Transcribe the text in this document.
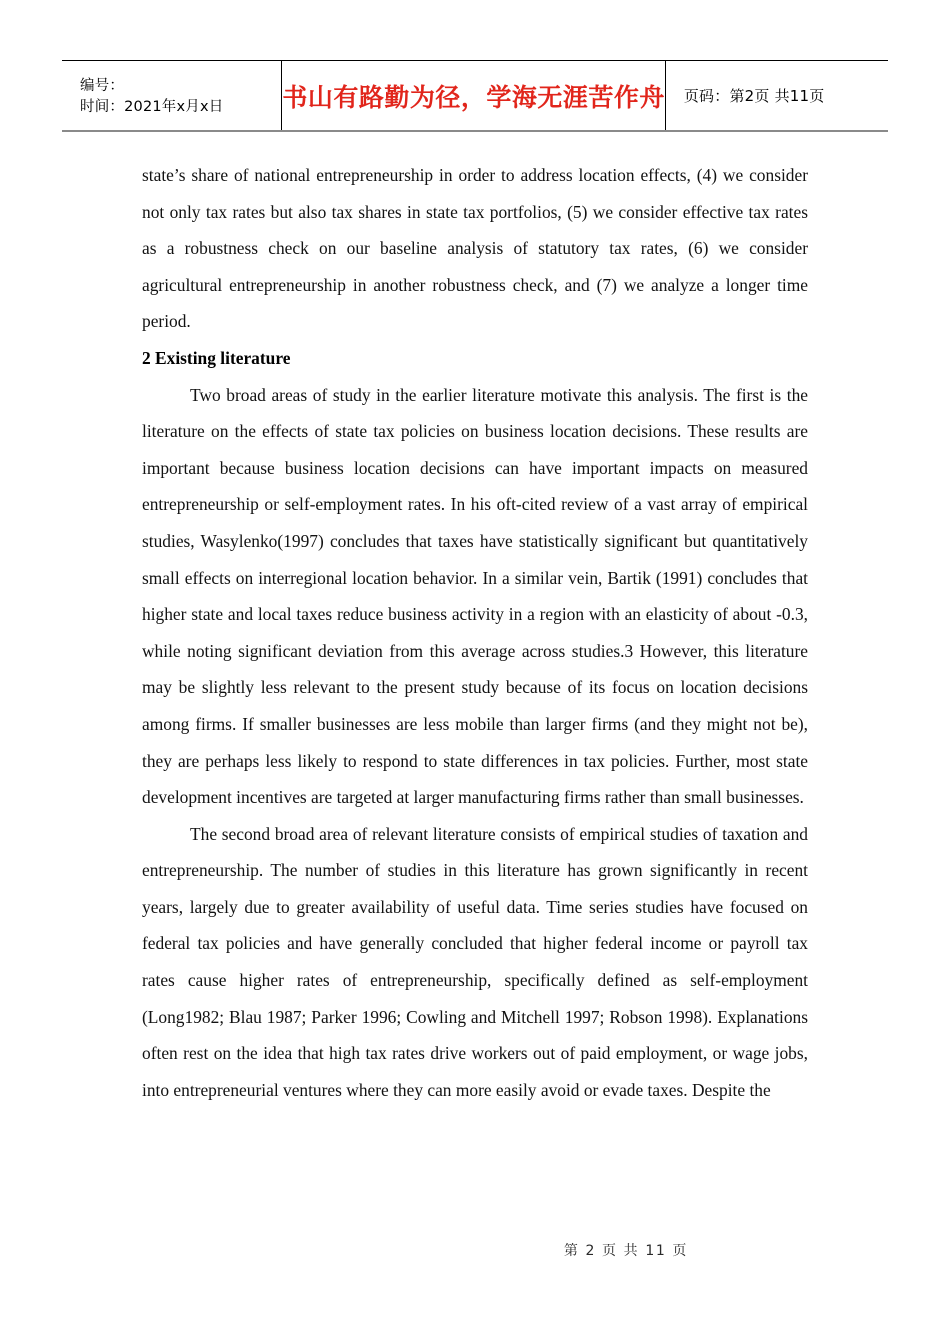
编号：
时间：2021年x月x日	书山有路勤为径，学海无涯苦作舟 页码：第2页 共11页

state’s share of national entrepreneurship in order to address location effects, (4) we consider not only tax rates but also tax shares in state tax portfolios, (5) we consider effective tax rates as a robustness check on our baseline analysis of statutory tax rates, (6) we consider agricultural entrepreneurship in another robustness check, and (7) we analyze a longer time period.

2 Existing literature

Two broad areas of study in the earlier literature motivate this analysis. The first is the literature on the effects of state tax policies on business location decisions. These results are important because business location decisions can have important impacts on measured entrepreneurship or self-employment rates. In his oft-cited review of a vast array of empirical studies, Wasylenko(1997) concludes that taxes have statistically significant but quantitatively small effects on interregional location behavior. In a similar vein, Bartik (1991) concludes that higher state and local taxes reduce business activity in a region with an elasticity of about -0.3, while noting significant deviation from this average across studies.3 However, this literature may be slightly less relevant to the present study because of its focus on location decisions among firms. If smaller businesses are less mobile than larger firms (and they might not be), they are perhaps less likely to respond to state differences in tax policies. Further, most state development incentives are targeted at larger manufacturing firms rather than small businesses.

The second broad area of relevant literature consists of empirical studies of taxation and entrepreneurship. The number of studies in this literature has grown significantly in recent years, largely due to greater availability of useful data. Time series studies have focused on federal tax policies and have generally concluded that higher federal income or payroll tax rates cause higher rates of entrepreneurship, specifically defined as self-employment (Long1982; Blau 1987; Parker 1996; Cowling and Mitchell 1997; Robson 1998). Explanations often rest on the idea that high tax rates drive workers out of paid employment, or wage jobs, into entrepreneurial ventures where they can more easily avoid or evade taxes. Despite the

第 2 页 共 11 页
